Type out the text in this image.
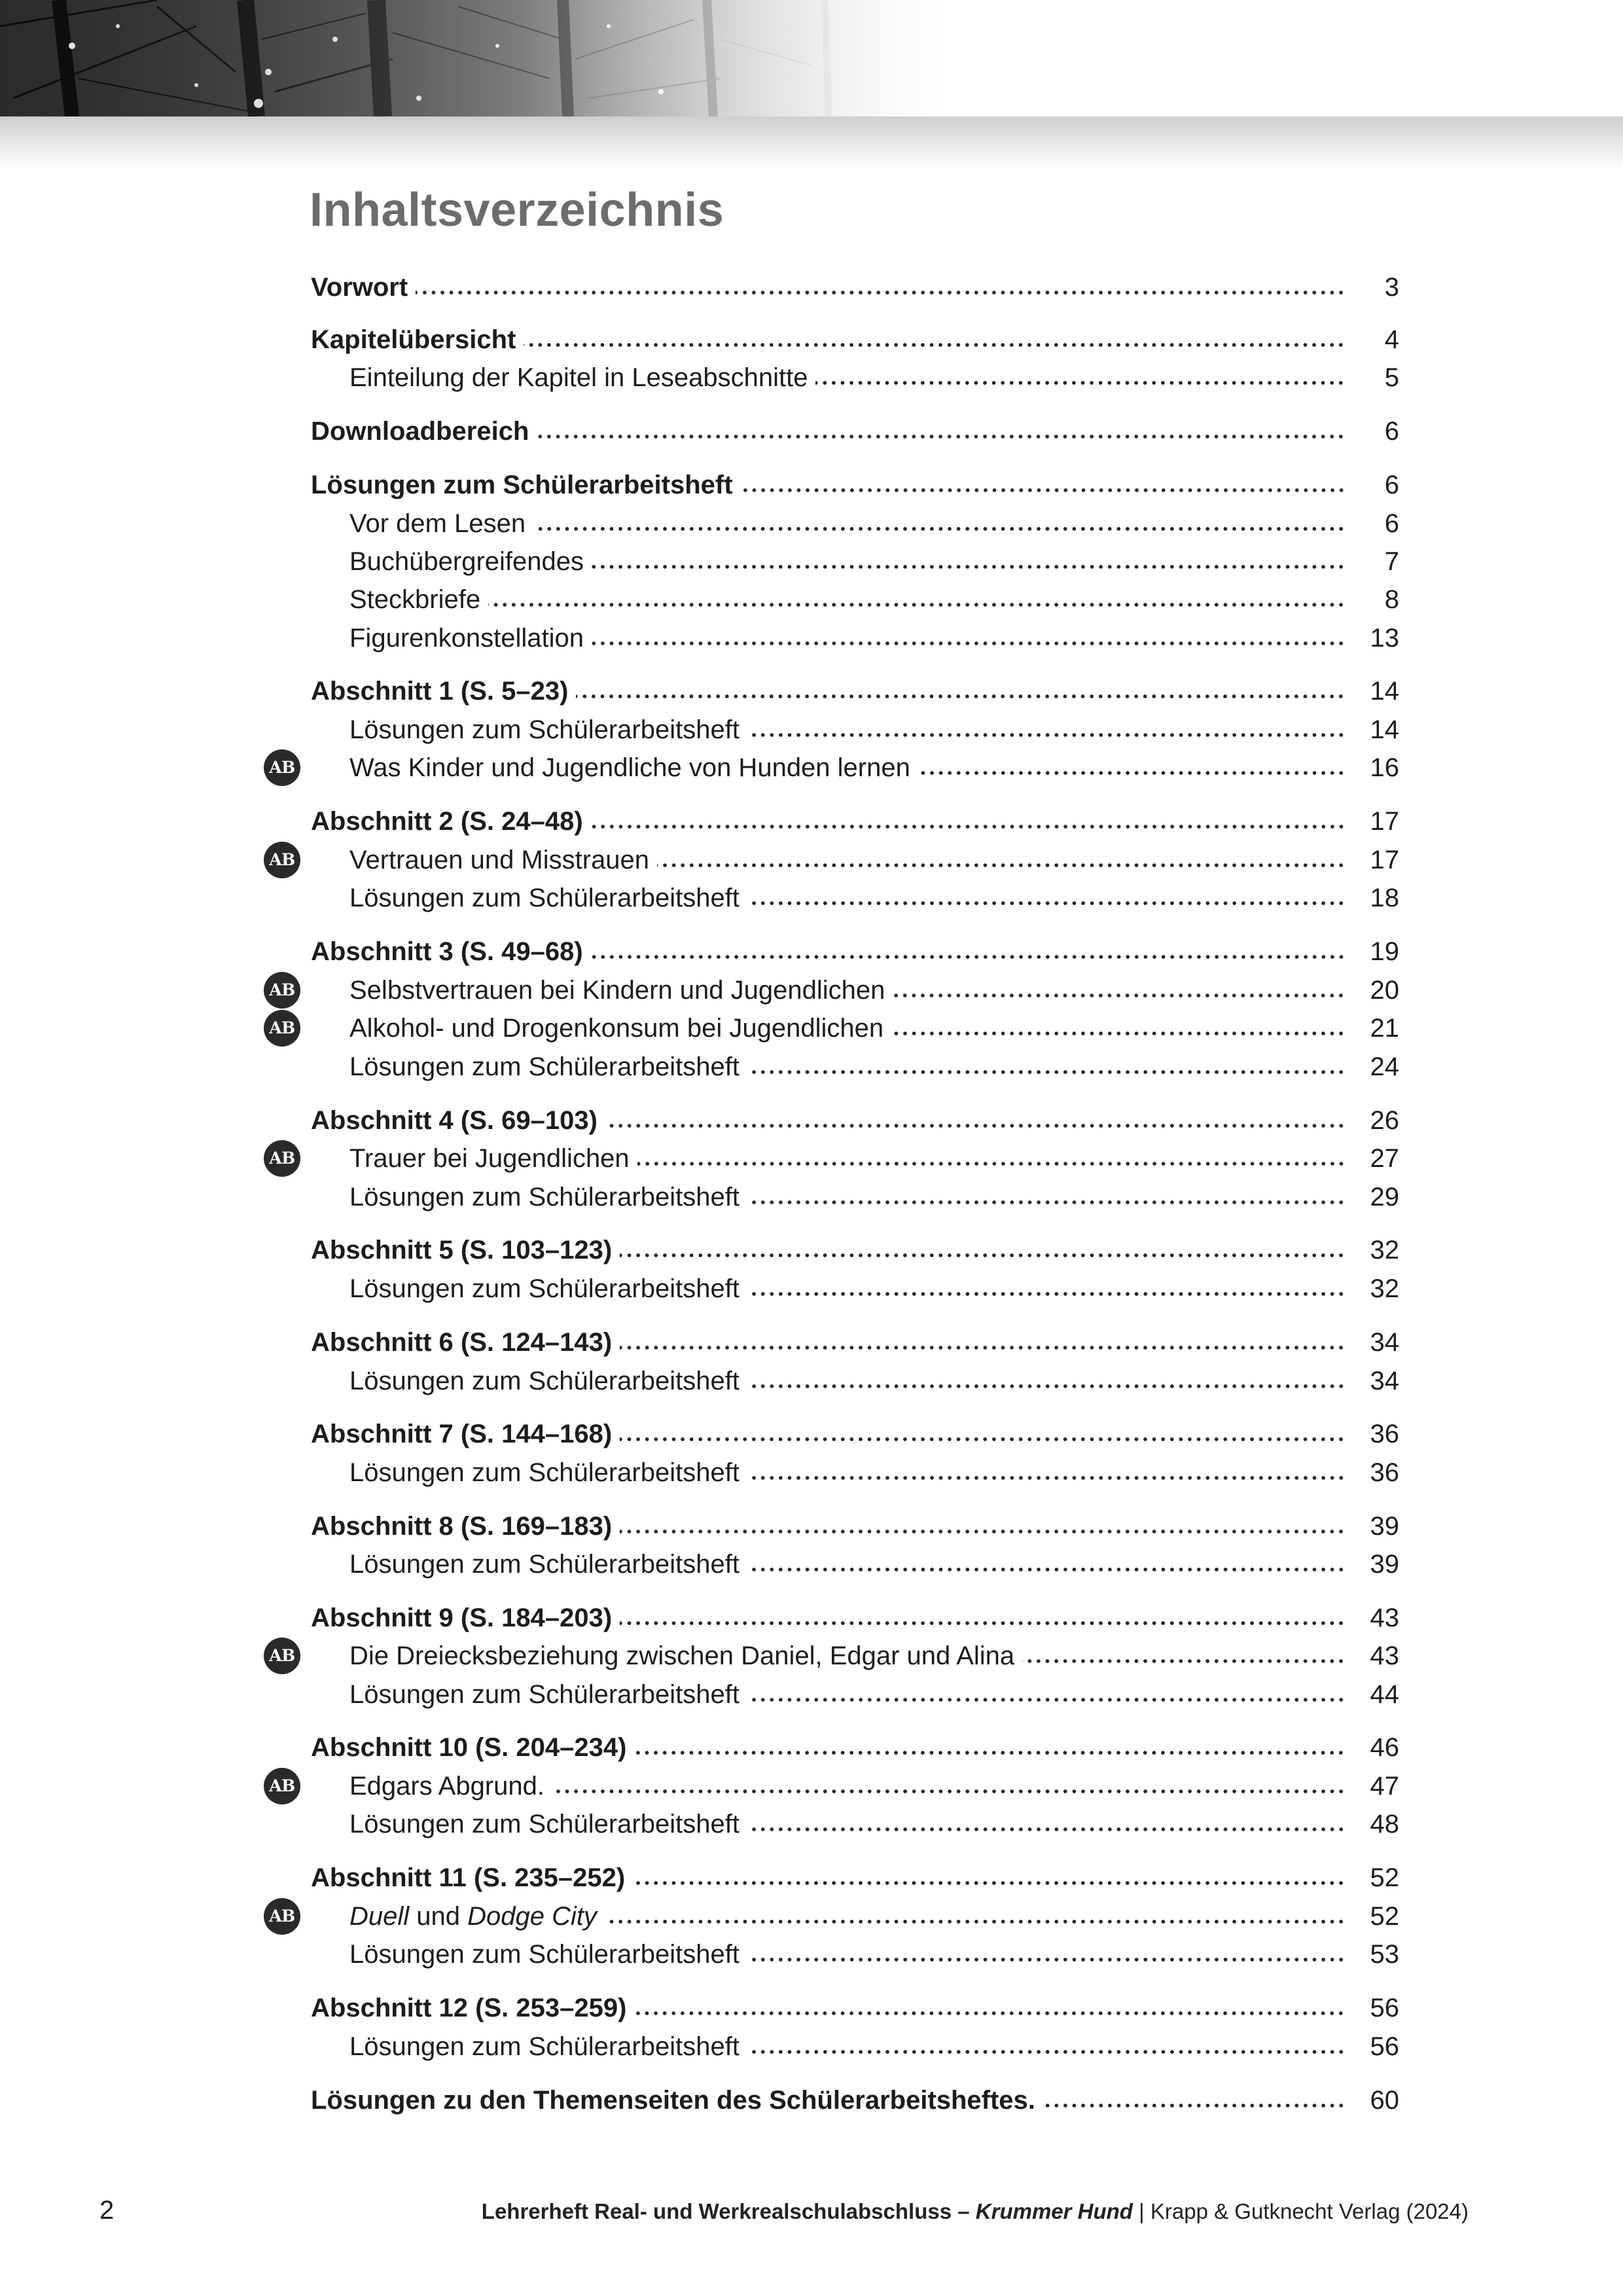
Inhaltsverzeichnis
Vorwort	3
Kapitelübersicht	4
Einteilung der Kapitel in Leseabschnitte	5
Downloadbereich	6
Lösungen zum Schülerarbeitsheft	6
Vor dem Lesen	6
Buchübergreifendes	7
Steckbriefe	8
Figurenkonstellation	13
Abschnitt 1 (S. 5–23)	14
Lösungen zum Schülerarbeitsheft	14
Was Kinder und Jugendliche von Hunden lernen	16
AB
Abschnitt 2 (S. 24–48)	17
Vertrauen und Misstrauen	17
AB
Lösungen zum Schülerarbeitsheft	18
Abschnitt 3 (S. 49–68)	19
Selbstvertrauen bei Kindern und Jugendlichen	20
AB
Alkohol- und Drogenkonsum bei Jugendlichen	21
AB
Lösungen zum Schülerarbeitsheft	24
Abschnitt 4 (S. 69–103)	26
Trauer bei Jugendlichen	27
AB
Lösungen zum Schülerarbeitsheft	29
Abschnitt 5 (S. 103–123)	32
Lösungen zum Schülerarbeitsheft	32
Abschnitt 6 (S. 124–143)	34
Lösungen zum Schülerarbeitsheft	34
Abschnitt 7 (S. 144–168)	36
Lösungen zum Schülerarbeitsheft	36
Abschnitt 8 (S. 169–183)	39
Lösungen zum Schülerarbeitsheft	39
Abschnitt 9 (S. 184–203)	43
Die Dreiecksbeziehung zwischen Daniel, Edgar und Alina	43
AB
Lösungen zum Schülerarbeitsheft	44
Abschnitt 10 (S. 204–234)	46
Edgars Abgrund.	47
AB
Lösungen zum Schülerarbeitsheft	48
Abschnitt 11 (S. 235–252)	52
Duell und Dodge City	52
AB
Lösungen zum Schülerarbeitsheft	53
Abschnitt 12 (S. 253–259)	56
Lösungen zum Schülerarbeitsheft	56
Lösungen zu den Themenseiten des Schülerarbeitsheftes.	60
2	Lehrerheft Real- und Werkrealschulabschluss – Krummer Hund | Krapp & Gutknecht Verlag (2024)
